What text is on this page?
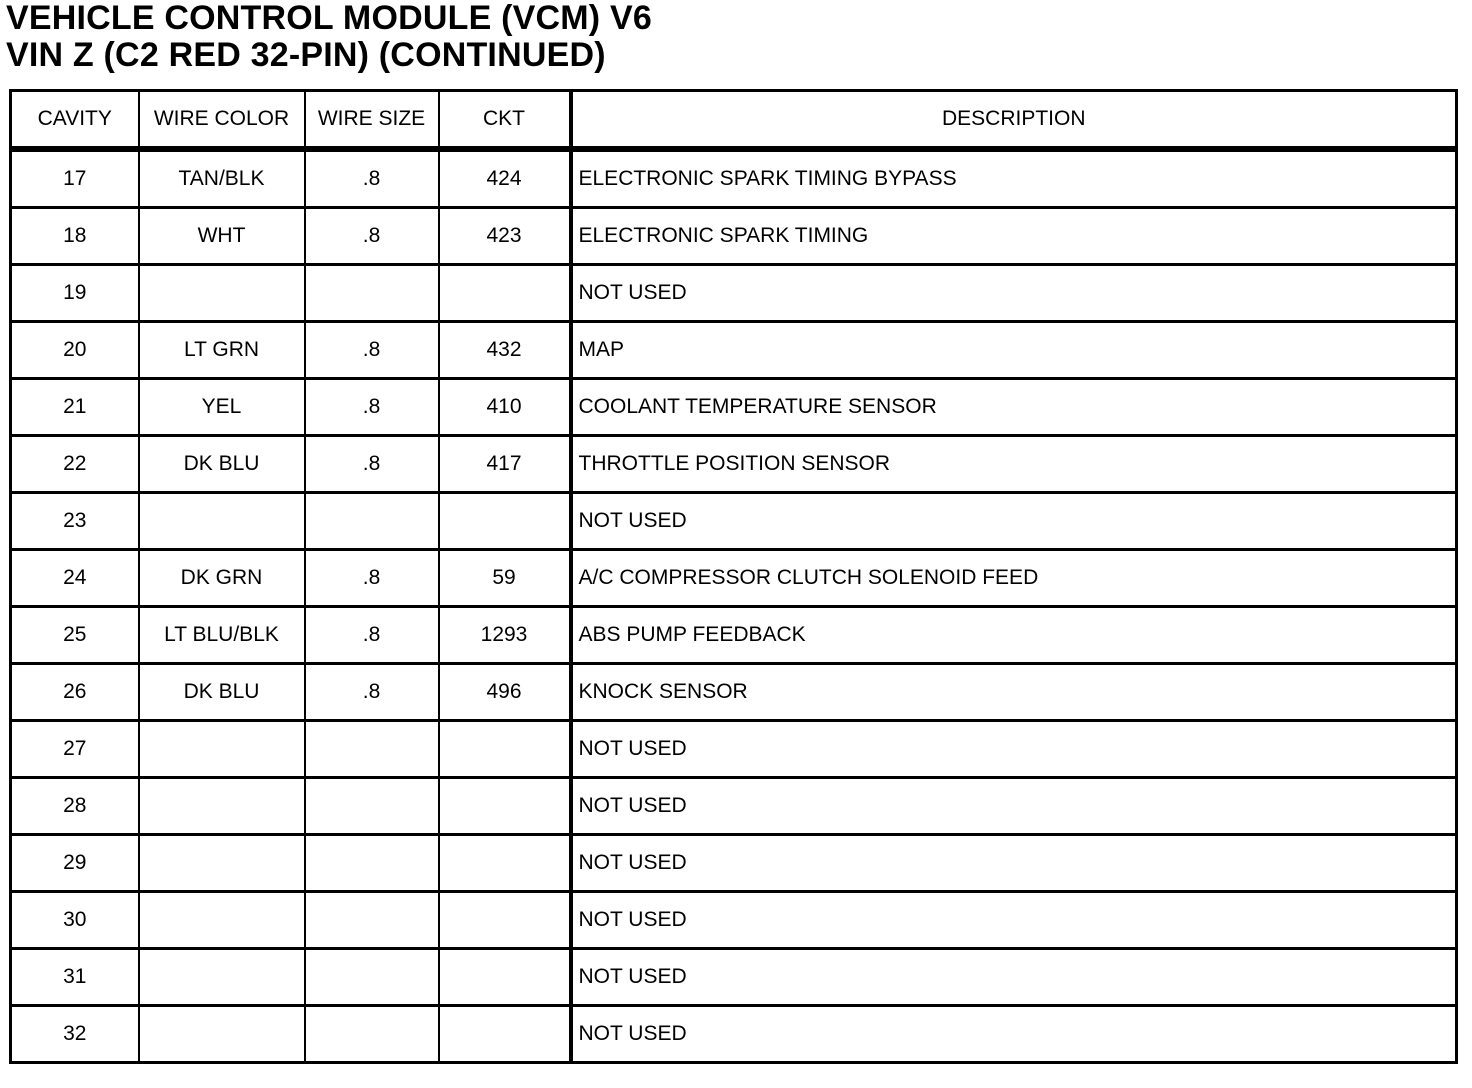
VEHICLE CONTROL MODULE (VCM) V6
VIN Z (C2 RED 32-PIN) (CONTINUED)
CAVITY	WIRE COLOR	WIRE SIZE	CKT	DESCRIPTION
17	TAN/BLK	.8	424	ELECTRONIC SPARK TIMING BYPASS
18	WHT	.8	423	ELECTRONIC SPARK TIMING
19				NOT USED
20	LT GRN	.8	432	MAP
21	YEL	.8	410	COOLANT TEMPERATURE SENSOR
22	DK BLU	.8	417	THROTTLE POSITION SENSOR
23				NOT USED
24	DK GRN	.8	59	A/C COMPRESSOR CLUTCH SOLENOID FEED
25	LT BLU/BLK	.8	1293	ABS PUMP FEEDBACK
26	DK BLU	.8	496	KNOCK SENSOR
27				NOT USED
28				NOT USED
29				NOT USED
30				NOT USED
31				NOT USED
32				NOT USED
